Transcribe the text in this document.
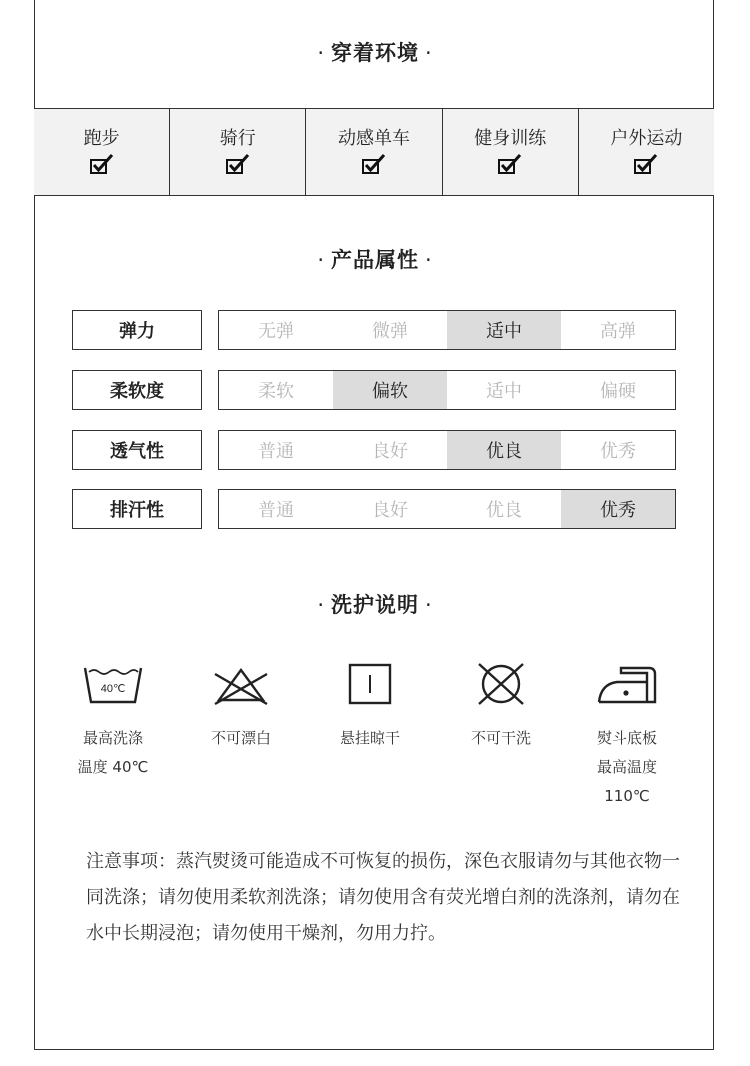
· 穿着环境 ·
跑步	骑行	动感单车	健身训练	户外运动
· 产品属性 ·
弹力	无弹	微弹	适中	高弹
柔软度	柔软	偏软	适中	偏硬
透气性	普通	良好	优良	优秀
排汗性	普通	良好	优良	优秀
· 洗护说明 ·
40℃
最高洗涤
温度 40℃
不可漂白	悬挂晾干	不可干洗	熨斗底板
最高温度
110℃
注意事项：蒸汽熨烫可能造成不可恢复的损伤，深色衣服请勿与其他衣物一同洗涤；请勿使用柔软剂洗涤；请勿使用含有荧光增白剂的洗涤剂，请勿在水中长期浸泡；请勿使用干燥剂，勿用力拧。
